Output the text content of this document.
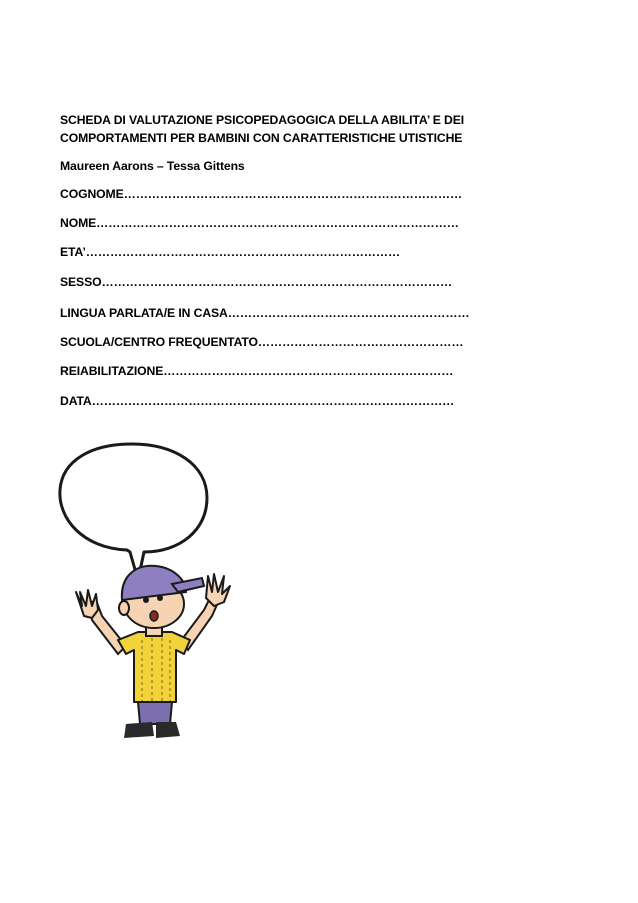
SCHEDA DI VALUTAZIONE PSICOPEDAGOGICA DELLA ABILITA’ E DEI
COMPORTAMENTI PER BAMBINI CON CARATTERISTICHE UTISTICHE
Maureen Aarons – Tessa Gittens
COGNOME…………………………………………………………………………
NOME………………………………………………………………………………
ETA’……………………………………………………………………
SESSO……………………………………………………………………………
LINGUA PARLATA/E IN CASA……………………………………………………
SCUOLA/CENTRO FREQUENTATO……………………………………………
REIABILITAZIONE………………………………………………………………
DATA………………………………………………………………………………
